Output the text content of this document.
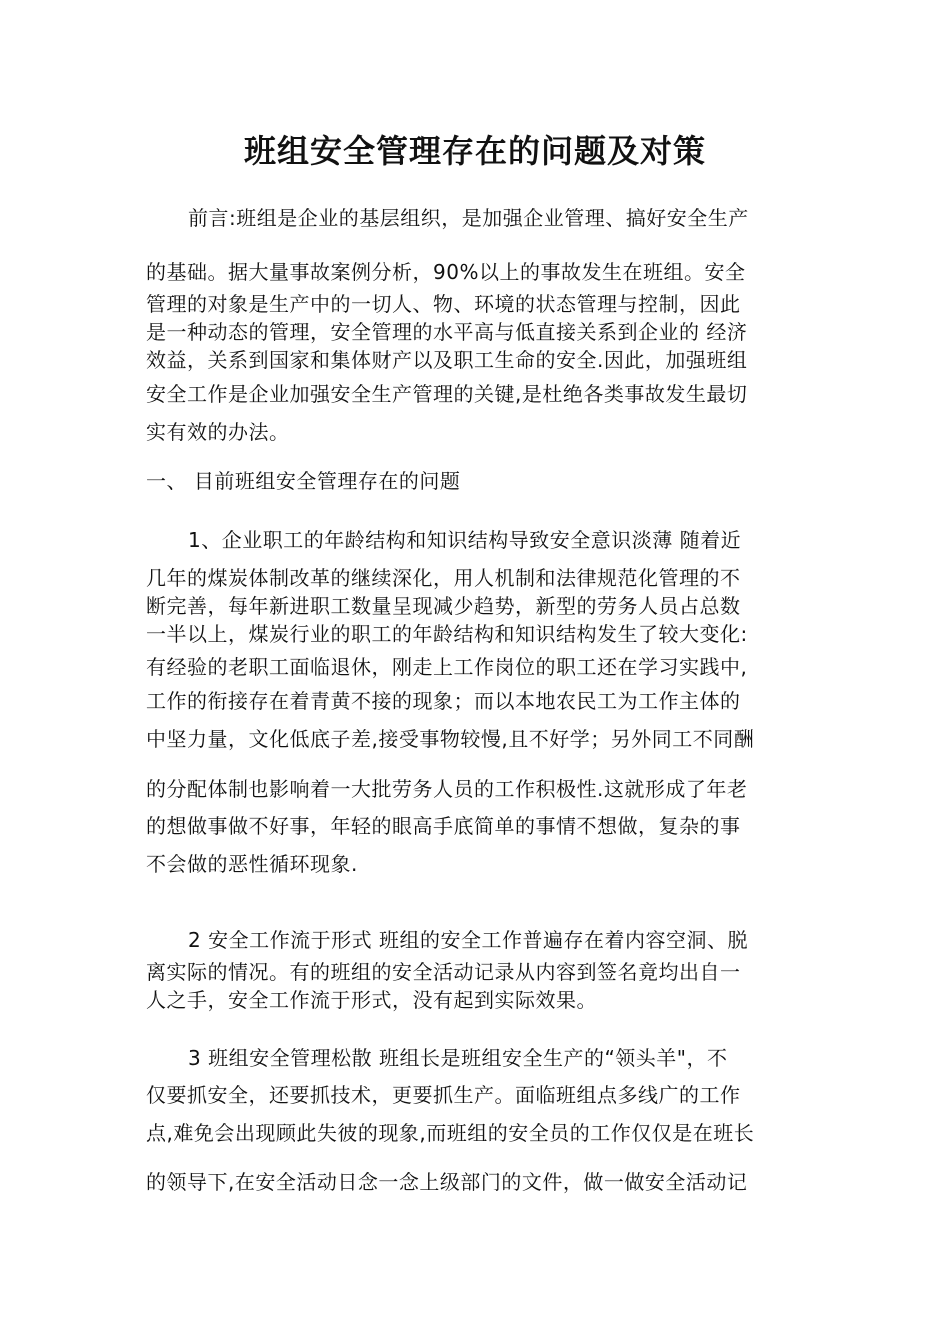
班组安全管理存在的问题及对策
前言:班组是企业的基层组织，是加强企业管理、搞好安全生产
的基础。据大量事故案例分析，90%以上的事故发生在班组。安全
管理的对象是生产中的一切人、物、环境的状态管理与控制，因此
是一种动态的管理，安全管理的水平高与低直接关系到企业的 经济
效益，关系到国家和集体财产以及职工生命的安全.因此，加强班组
安全工作是企业加强安全生产管理的关键,是杜绝各类事故发生最切
实有效的办法。
一、 目前班组安全管理存在的问题
1、企业职工的年龄结构和知识结构导致安全意识淡薄 随着近
几年的煤炭体制改革的继续深化，用人机制和法律规范化管理的不
断完善，每年新进职工数量呈现减少趋势，新型的劳务人员占总数
一半以上，煤炭行业的职工的年龄结构和知识结构发生了较大变化:
有经验的老职工面临退休，刚走上工作岗位的职工还在学习实践中,
工作的衔接存在着青黄不接的现象；而以本地农民工为工作主体的
中坚力量，文化低底子差,接受事物较慢,且不好学；另外同工不同酬
的分配体制也影响着一大批劳务人员的工作积极性.这就形成了年老
的想做事做不好事，年轻的眼高手底简单的事情不想做，复杂的事
不会做的恶性循环现象.
2 安全工作流于形式 班组的安全工作普遍存在着内容空洞、脱
离实际的情况。有的班组的安全活动记录从内容到签名竟均出自一
人之手，安全工作流于形式，没有起到实际效果。
3 班组安全管理松散 班组长是班组安全生产的“领头羊"，不
仅要抓安全，还要抓技术，更要抓生产。面临班组点多线广的工作
点,难免会出现顾此失彼的现象,而班组的安全员的工作仅仅是在班长
的领导下,在安全活动日念一念上级部门的文件，做一做安全活动记
